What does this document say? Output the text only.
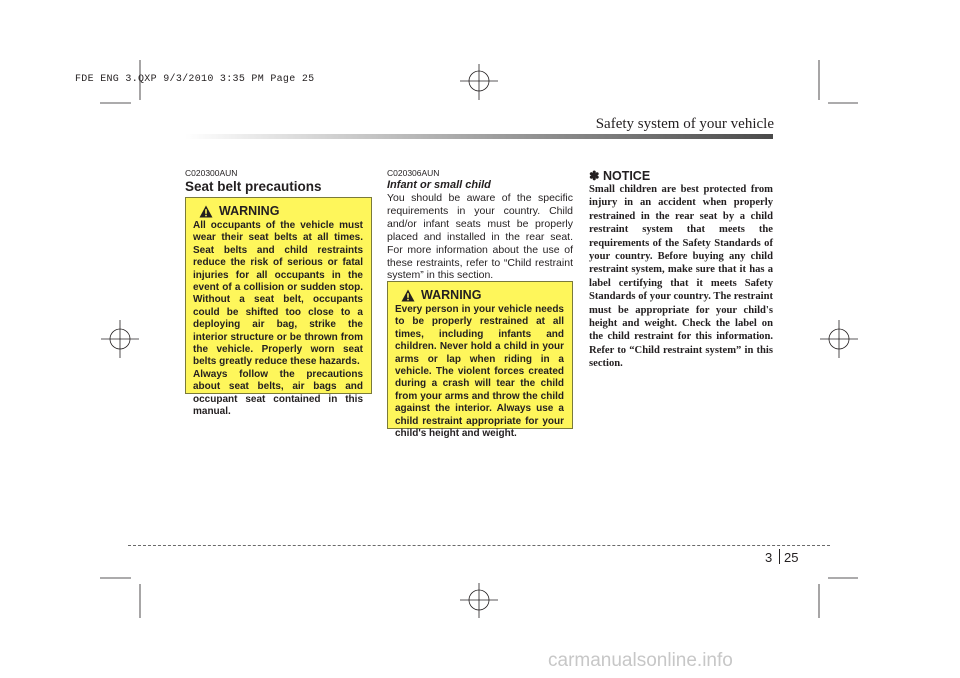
FDE ENG 3.QXP 9/3/2010 3:35 PM Page 25
Safety system of your vehicle
C020300AUN
Seat belt precautions
WARNING

All occupants of the vehicle must wear their seat belts at all times. Seat belts and child restraints reduce the risk of serious or fatal injuries for all occupants in the event of a collision or sudden stop. Without a seat belt, occupants could be shifted too close to a deploying air bag, strike the interior structure or be thrown from the vehicle. Properly worn seat belts greatly reduce these hazards.

Always follow the precautions about seat belts, air bags and occupant seat contained in this manual.

C020306AUN
Infant or small child
You should be aware of the specific requirements in your country. Child and/or infant seats must be properly placed and installed in the rear seat. For more information about the use of these restraints, refer to “Child restraint system” in this section.
WARNING

Every person in your vehicle needs to be properly restrained at all times, including infants and children. Never hold a child in your arms or lap when riding in a vehicle. The violent forces created during a crash will tear the child from your arms and throw the child against the interior. Always use a child restraint appropriate for your child's height and weight.

✽ NOTICE
Small children are best protected from injury in an accident when properly restrained in the rear seat by a child restraint system that meets the requirements of the Safety Standards of your country. Before buying any child restraint system, make sure that it has a label certifying that it meets Safety Standards of your country. The restraint must be appropriate for your child's height and weight. Check the label on the child restraint for this information. Refer to “Child restraint system” in this section.
3 25
carmanualsonline.info
